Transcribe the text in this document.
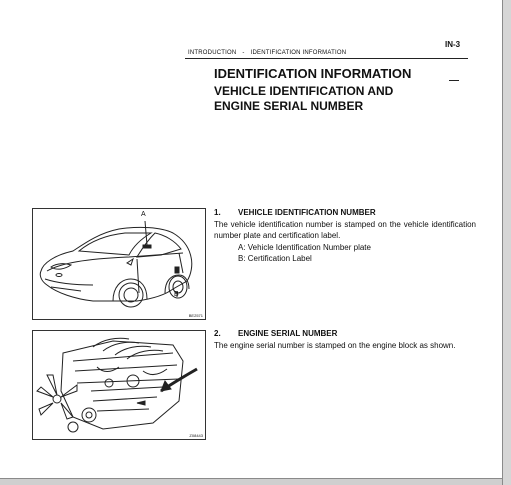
IN-3
INTRODUCTION - IDENTIFICATION INFORMATION
IDENTIFICATION INFORMATION
VEHICLE IDENTIFICATION AND
ENGINE SERIAL NUMBER
A
B
BE2571
Z08443
1. VEHICLE IDENTIFICATION NUMBER

The vehicle identification number is stamped on the vehicle identification number plate and certification label.

A: Vehicle Identification Number plate
B: Certification Label
2. ENGINE SERIAL NUMBER

The engine serial number is stamped on the engine block as shown.
